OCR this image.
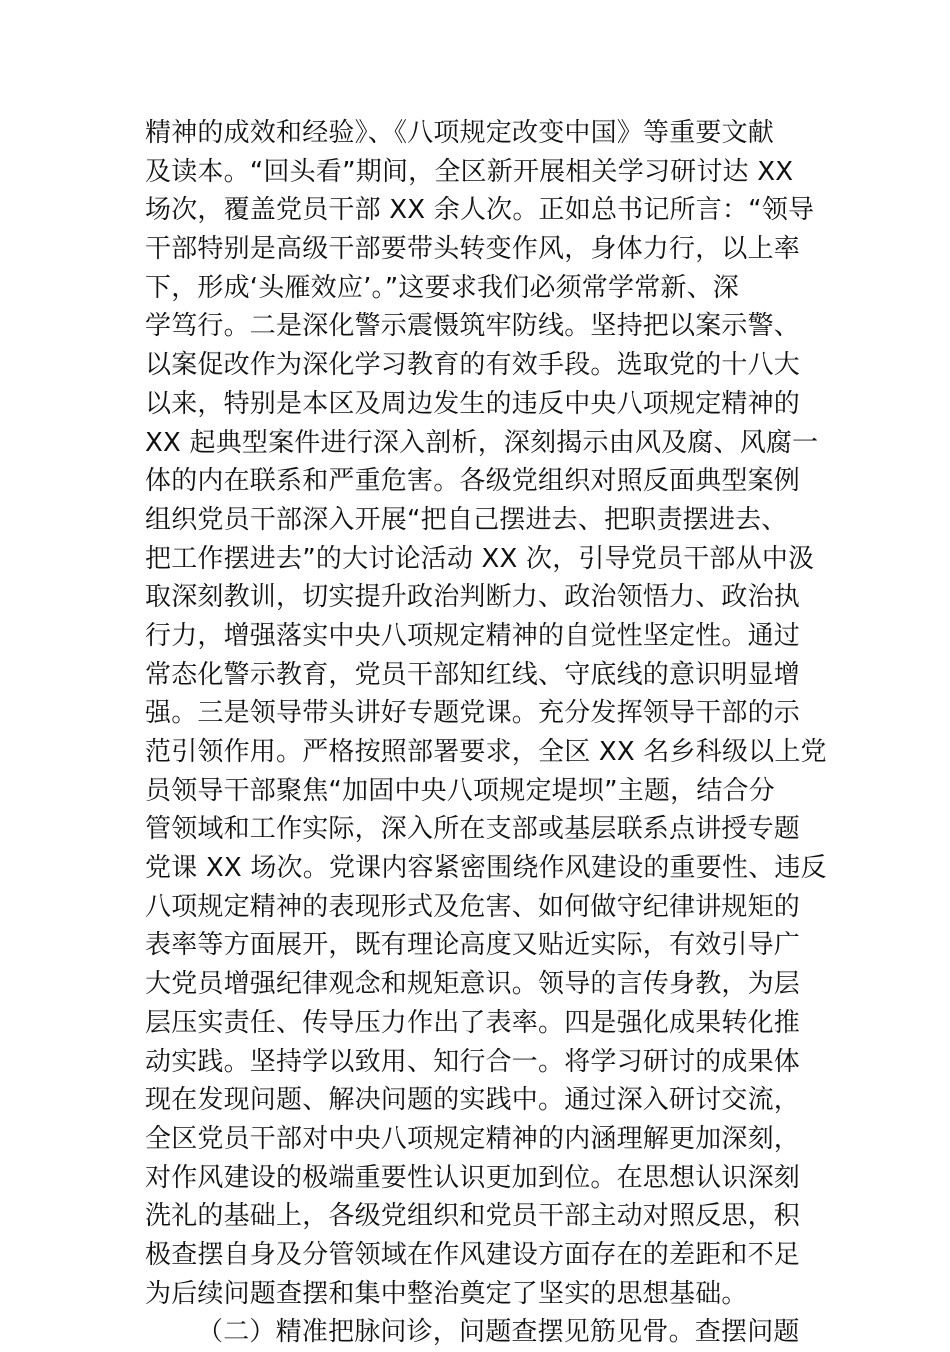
精神的成效和经验》、《八项规定改变中国》等重要文献
及读本。“回头看”期间，全区新开展相关学习研讨达 XX
场次，覆盖党员干部 XX 余人次。正如总书记所言：“领导
干部特别是高级干部要带头转变作风，身体力行，以上率
下，形成‘头雁效应’。”这要求我们必须常学常新、深
学笃行。二是深化警示震慑筑牢防线。坚持把以案示警、
以案促改作为深化学习教育的有效手段。选取党的十八大
以来，特别是本区及周边发生的违反中央八项规定精神的
XX 起典型案件进行深入剖析，深刻揭示由风及腐、风腐一
体的内在联系和严重危害。各级党组织对照反面典型案例
组织党员干部深入开展“把自己摆进去、把职责摆进去、
把工作摆进去”的大讨论活动 XX 次，引导党员干部从中汲
取深刻教训，切实提升政治判断力、政治领悟力、政治执
行力，增强落实中央八项规定精神的自觉性坚定性。通过
常态化警示教育，党员干部知红线、守底线的意识明显增
强。三是领导带头讲好专题党课。充分发挥领导干部的示
范引领作用。严格按照部署要求，全区 XX 名乡科级以上党
员领导干部聚焦“加固中央八项规定堤坝”主题，结合分
管领域和工作实际，深入所在支部或基层联系点讲授专题
党课 XX 场次。党课内容紧密围绕作风建设的重要性、违反
八项规定精神的表现形式及危害、如何做守纪律讲规矩的
表率等方面展开，既有理论高度又贴近实际，有效引导广
大党员增强纪律观念和规矩意识。领导的言传身教，为层
层压实责任、传导压力作出了表率。四是强化成果转化推
动实践。坚持学以致用、知行合一。将学习研讨的成果体
现在发现问题、解决问题的实践中。通过深入研讨交流，
全区党员干部对中央八项规定精神的内涵理解更加深刻，
对作风建设的极端重要性认识更加到位。在思想认识深刻
洗礼的基础上，各级党组织和党员干部主动对照反思，积
极查摆自身及分管领域在作风建设方面存在的差距和不足
为后续问题查摆和集中整治奠定了坚实的思想基础。
（二）精准把脉问诊，问题查摆见筋见骨。查摆问题
